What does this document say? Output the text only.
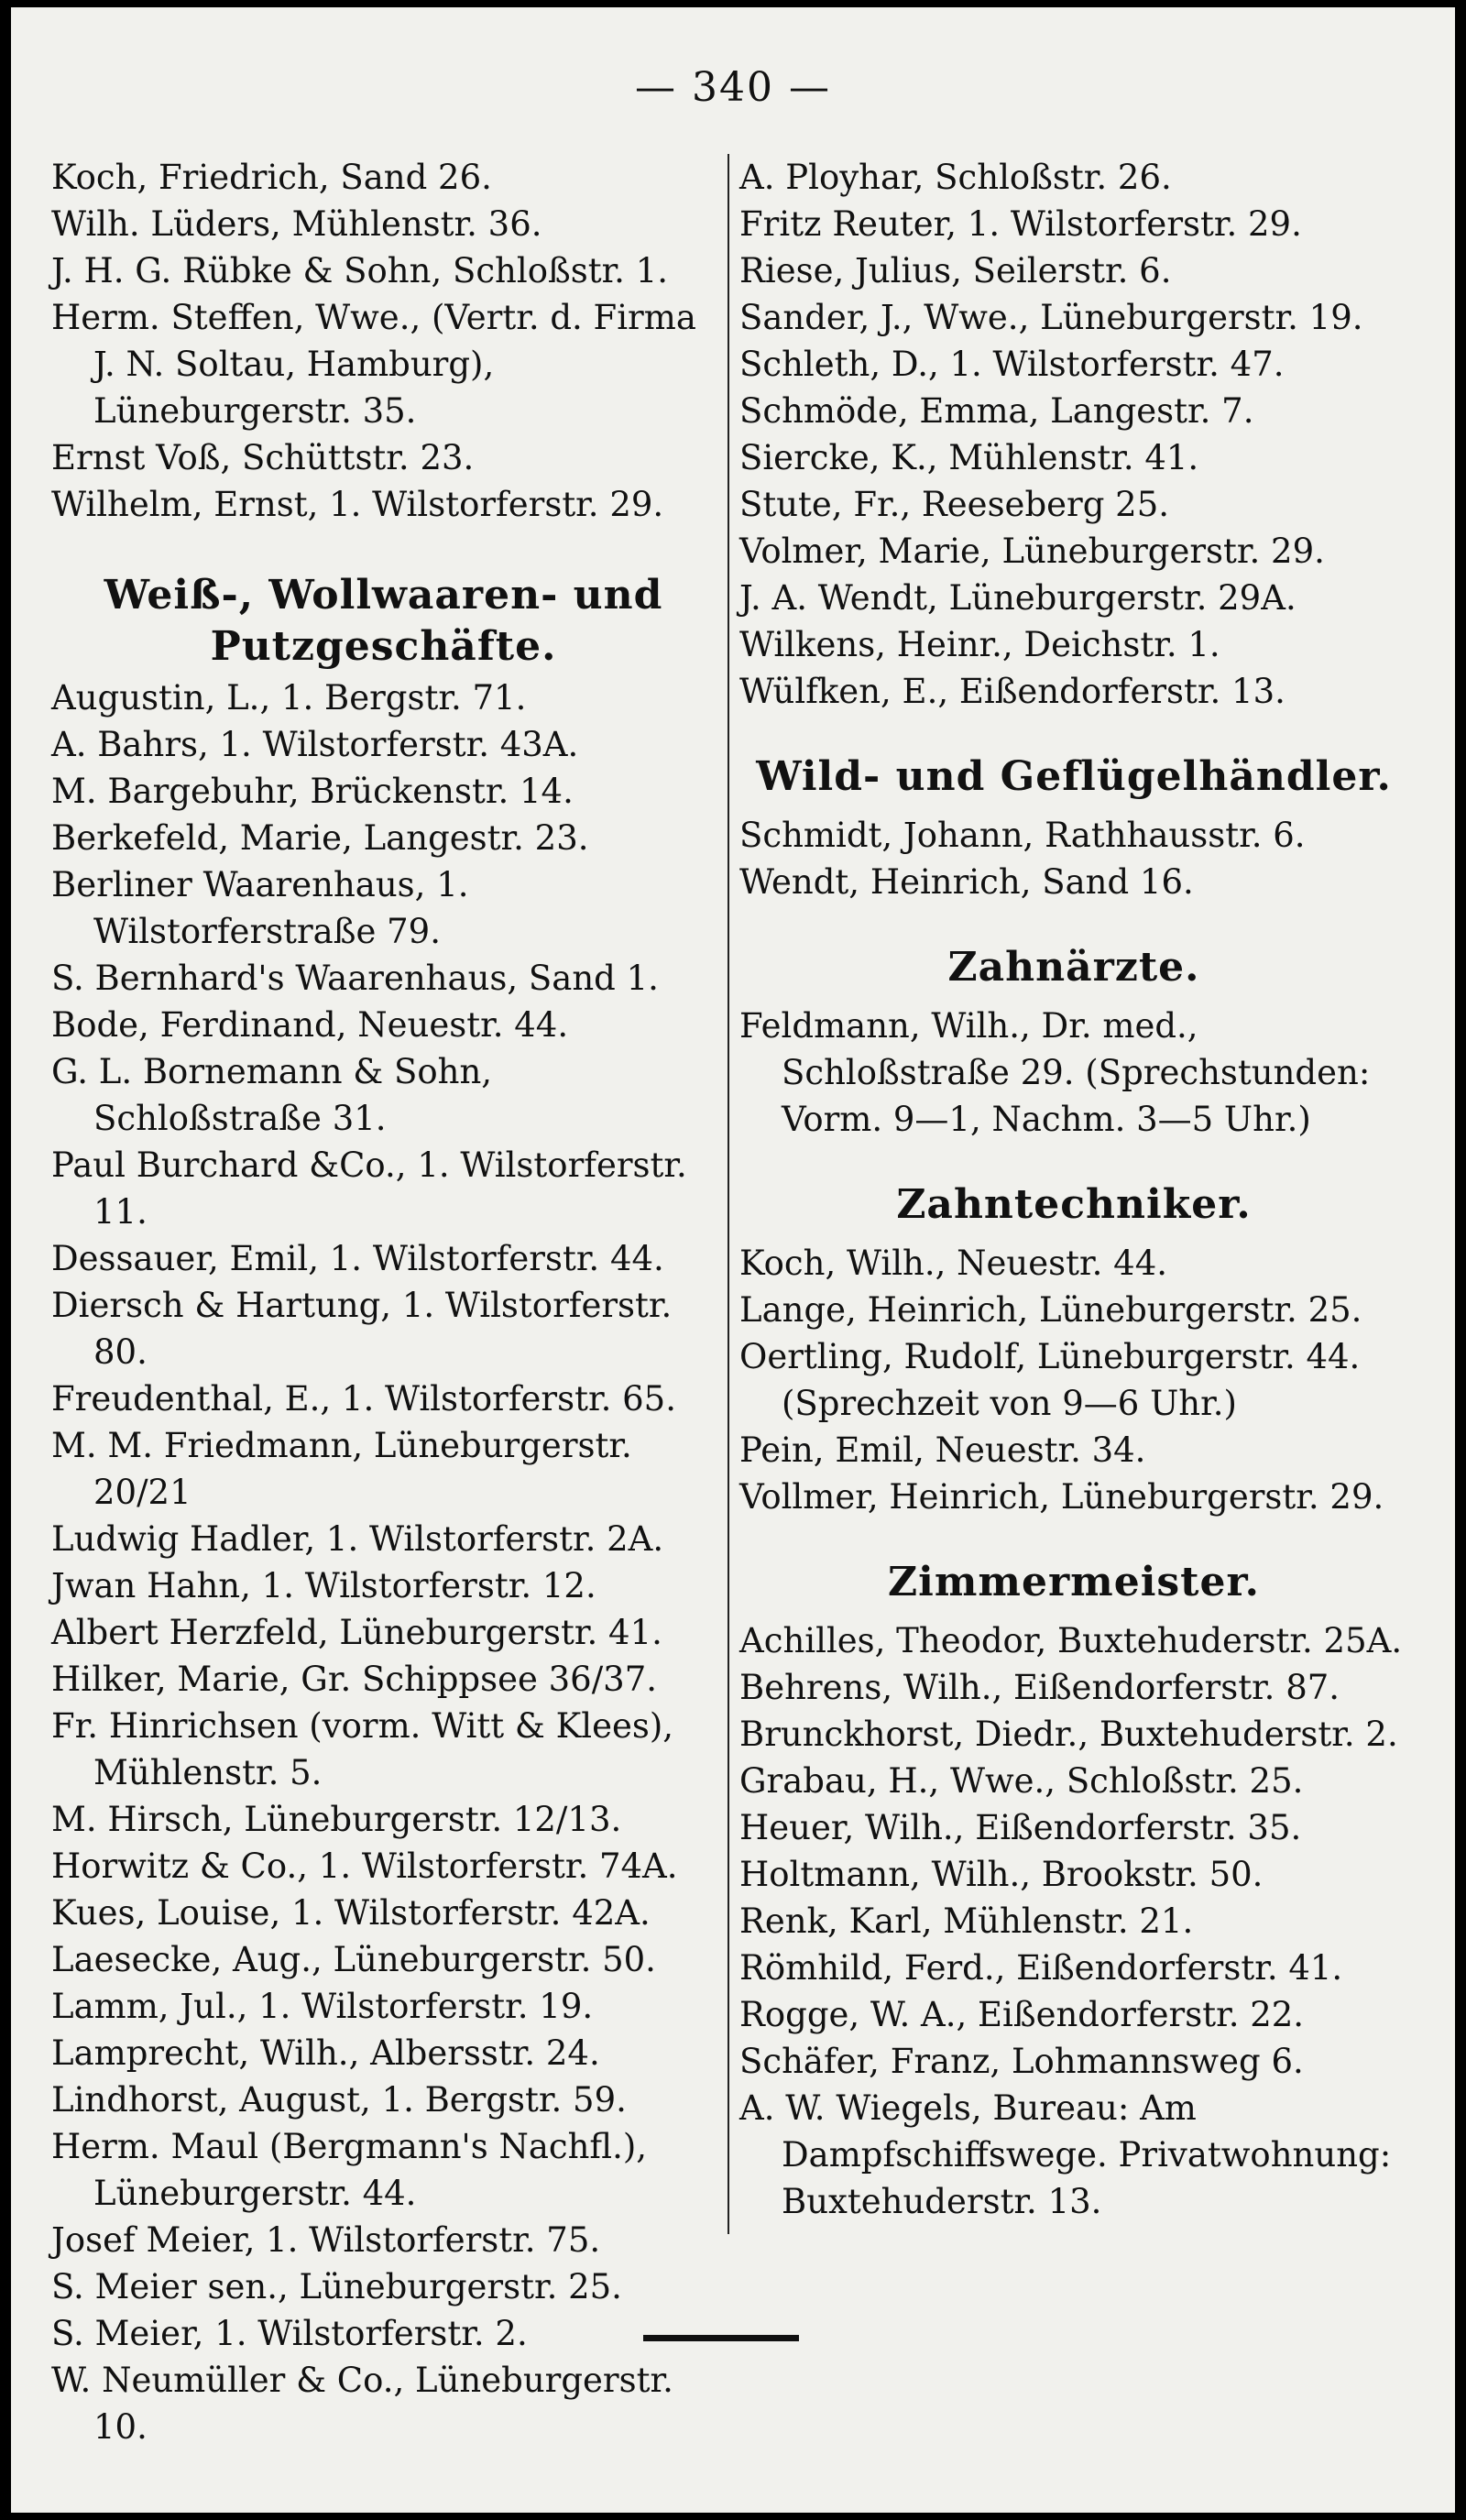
— 340 —

Koch, Friedrich, Sand 26.

Wilh. Lüders, Mühlenstr. 36.

J. H. G. Rübke & Sohn, Schloßstr. 1.

Herm. Steffen, Wwe., (Vertr. d. Firma J. N. Soltau, Hamburg), Lüneburgerstr. 35.

Ernst Voß, Schüttstr. 23.

Wilhelm, Ernst, 1. Wilstorferstr. 29.

Weiß-, Wollwaaren- und Putzgeschäfte.

Augustin, L., 1. Bergstr. 71.

A. Bahrs, 1. Wilstorferstr. 43A.

M. Bargebuhr, Brückenstr. 14.

Berkefeld, Marie, Langestr. 23.

Berliner Waarenhaus, 1. Wilstorferstraße 79.

S. Bernhard's Waarenhaus, Sand 1.

Bode, Ferdinand, Neuestr. 44.

G. L. Bornemann & Sohn, Schloßstraße 31.

Paul Burchard &Co., 1. Wilstorferstr. 11.

Dessauer, Emil, 1. Wilstorferstr. 44.

Diersch & Hartung, 1. Wilstorferstr. 80.

Freudenthal, E., 1. Wilstorferstr. 65.

M. M. Friedmann, Lüneburgerstr. 20/21

Ludwig Hadler, 1. Wilstorferstr. 2A.

Jwan Hahn, 1. Wilstorferstr. 12.

Albert Herzfeld, Lüneburgerstr. 41.

Hilker, Marie, Gr. Schippsee 36/37.

Fr. Hinrichsen (vorm. Witt & Klees), Mühlenstr. 5.

M. Hirsch, Lüneburgerstr. 12/13.

Horwitz & Co., 1. Wilstorferstr. 74A.

Kues, Louise, 1. Wilstorferstr. 42A.

Laesecke, Aug., Lüneburgerstr. 50.

Lamm, Jul., 1. Wilstorferstr. 19.

Lamprecht, Wilh., Albersstr. 24.

Lindhorst, August, 1. Bergstr. 59.

Herm. Maul (Bergmann's Nachfl.), Lüneburgerstr. 44.

Josef Meier, 1. Wilstorferstr. 75.

S. Meier sen., Lüneburgerstr. 25.

S. Meier, 1. Wilstorferstr. 2.

W. Neumüller & Co., Lüneburgerstr. 10.

A. Ployhar, Schloßstr. 26.

Fritz Reuter, 1. Wilstorferstr. 29.

Riese, Julius, Seilerstr. 6.

Sander, J., Wwe., Lüneburgerstr. 19.

Schleth, D., 1. Wilstorferstr. 47.

Schmöde, Emma, Langestr. 7.

Siercke, K., Mühlenstr. 41.

Stute, Fr., Reeseberg 25.

Volmer, Marie, Lüneburgerstr. 29.

J. A. Wendt, Lüneburgerstr. 29A.

Wilkens, Heinr., Deichstr. 1.

Wülfken, E., Eißendorferstr. 13.

Wild- und Geflügelhändler.

Schmidt, Johann, Rathhausstr. 6.

Wendt, Heinrich, Sand 16.

Zahnärzte.

Feldmann, Wilh., Dr. med., Schloßstraße 29. (Sprechstunden: Vorm. 9—1, Nachm. 3—5 Uhr.)

Zahntechniker.

Koch, Wilh., Neuestr. 44.

Lange, Heinrich, Lüneburgerstr. 25.

Oertling, Rudolf, Lüneburgerstr. 44. (Sprechzeit von 9—6 Uhr.)

Pein, Emil, Neuestr. 34.

Vollmer, Heinrich, Lüneburgerstr. 29.

Zimmermeister.

Achilles, Theodor, Buxtehuderstr. 25A.

Behrens, Wilh., Eißendorferstr. 87.

Brunckhorst, Diedr., Buxtehuderstr. 2.

Grabau, H., Wwe., Schloßstr. 25.

Heuer, Wilh., Eißendorferstr. 35.

Holtmann, Wilh., Brookstr. 50.

Renk, Karl, Mühlenstr. 21.

Römhild, Ferd., Eißendorferstr. 41.

Rogge, W. A., Eißendorferstr. 22.

Schäfer, Franz, Lohmannsweg 6.

A. W. Wiegels, Bureau: Am Dampfschiffswege. Privatwohnung: Buxtehuderstr. 13.
